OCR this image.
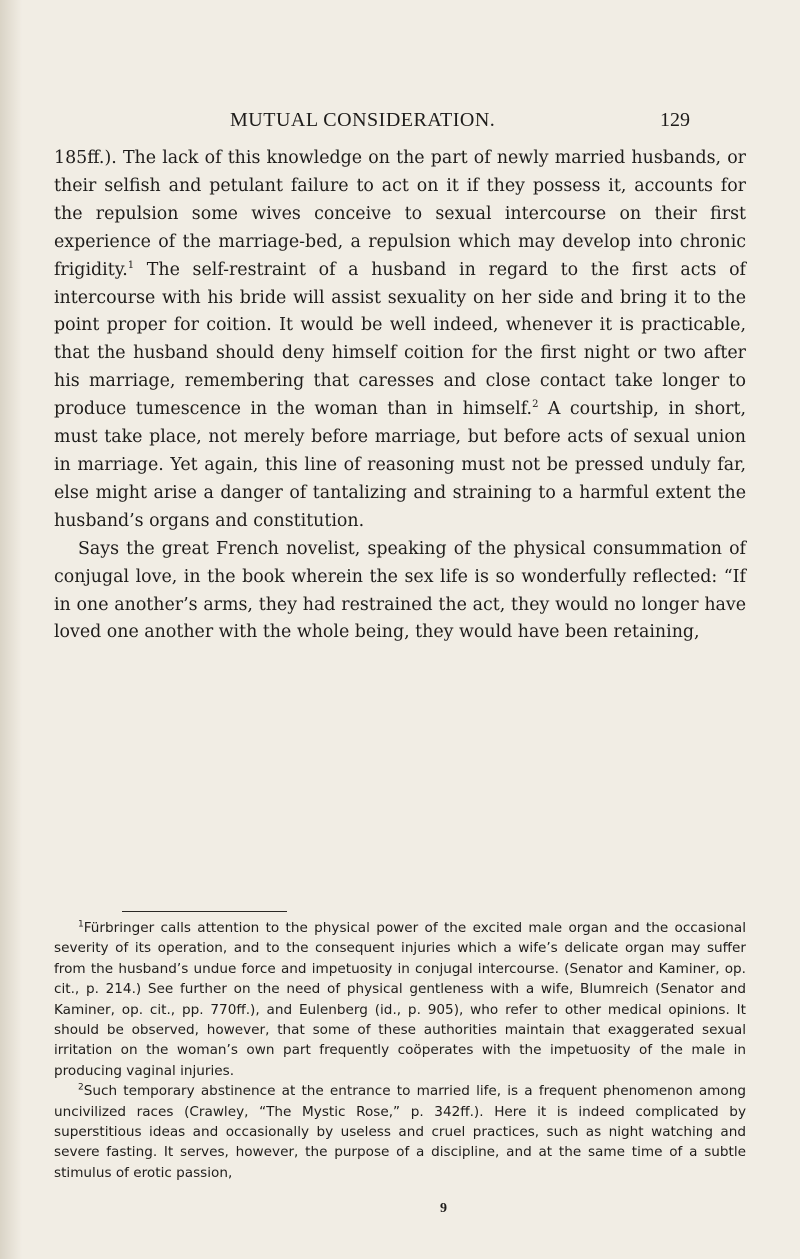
MUTUAL CONSIDERATION.	129

185ff.). The lack of this knowledge on the part of newly married husbands, or their selfish and petulant failure to act on it if they possess it, accounts for the repulsion some wives conceive to sexual intercourse on their first experience of the marriage-bed, a repulsion which may develop into chronic frigidity.$^1$ The self-restraint of a husband in regard to the first acts of intercourse with his bride will assist sexuality on her side and bring it to the point proper for coition. It would be well indeed, whenever it is practicable, that the husband should deny himself coition for the first night or two after his marriage, remembering that caresses and close contact take longer to produce tumescence in the woman than in himself.$^2$ A courtship, in short, must take place, not merely before marriage, but before acts of sexual union in marriage. Yet again, this line of reasoning must not be pressed unduly far, else might arise a danger of tantalizing and straining to a harmful extent the husband’s organs and constitution.

Says the great French novelist, speaking of the physical consummation of conjugal love, in the book wherein the sex life is so wonderfully reflected: “If in one another’s arms, they had restrained the act, they would no longer have loved one another with the whole being, they would have been retaining,

$^1$Fürbringer calls attention to the physical power of the excited male organ and the occasional severity of its operation, and to the consequent injuries which a wife’s delicate organ may suffer from the husband’s undue force and impetuosity in conjugal intercourse. (Senator and Kaminer, op. cit., p. 214.) See further on the need of physical gentleness with a wife, Blumreich (Senator and Kaminer, op. cit., pp. 770ff.), and Eulenberg (id., p. 905), who refer to other medical opinions. It should be observed, however, that some of these authorities maintain that exaggerated sexual irritation on the woman’s own part frequently coöperates with the impetuosity of the male in producing vaginal injuries.

$^2$Such temporary abstinence at the entrance to married life, is a frequent phenomenon among uncivilized races (Crawley, “The Mystic Rose,” p. 342ff.). Here it is indeed complicated by superstitious ideas and occasionally by useless and cruel practices, such as night watching and severe fasting. It serves, however, the purpose of a discipline, and at the same time of a subtle stimulus of erotic passion,

9
